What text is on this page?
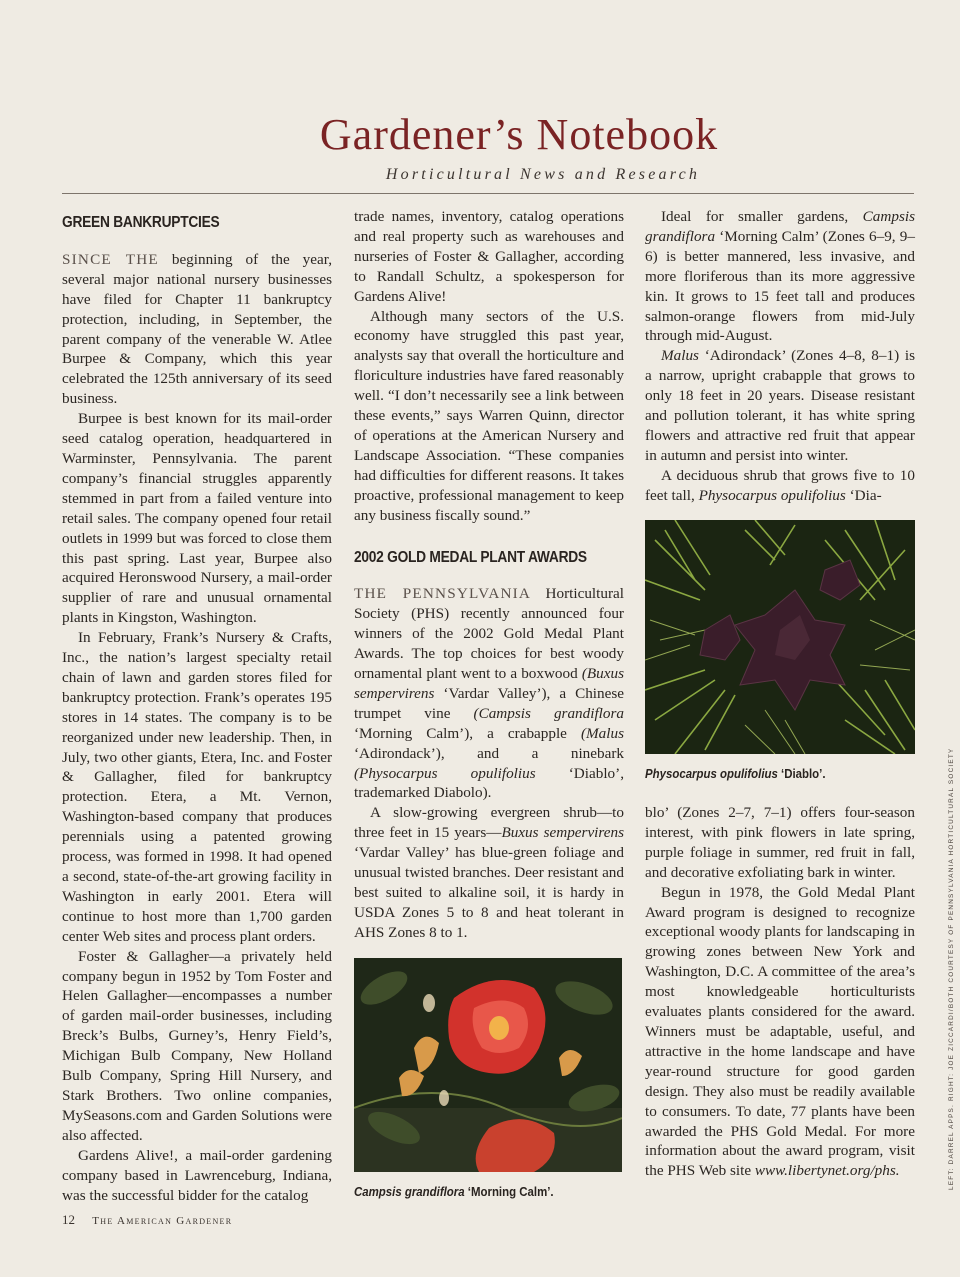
Gardener’s Notebook
Horticultural News and Research
GREEN BANKRUPTCIES

SINCE THE beginning of the year, several major national nursery businesses have filed for Chapter 11 bankruptcy protection, including, in September, the parent company of the venerable W. Atlee Burpee & Company, which this year celebrated the 125th anniversary of its seed business.

Burpee is best known for its mail-order seed catalog operation, headquartered in Warminster, Pennsylvania. The parent company’s financial struggles apparently stemmed in part from a failed venture into retail sales. The company opened four retail outlets in 1999 but was forced to close them this past spring. Last year, Burpee also acquired Heronswood Nursery, a mail-order supplier of rare and unusual ornamental plants in Kingston, Washington.

In February, Frank’s Nursery & Crafts, Inc., the nation’s largest specialty retail chain of lawn and garden stores filed for bankruptcy protection. Frank’s operates 195 stores in 14 states. The company is to be reorganized under new leadership. Then, in July, two other giants, Etera, Inc. and Foster & Gallagher, filed for bankruptcy protection. Etera, a Mt. Vernon, Washington-based company that produces perennials using a patented growing process, was formed in 1998. It had opened a second, state-of-the-art growing facility in Washington in early 2001. Etera will continue to host more than 1,700 garden center Web sites and process plant orders.

Foster & Gallagher—a privately held company begun in 1952 by Tom Foster and Helen Gallagher—encompasses a number of garden mail-order businesses, including Breck’s Bulbs, Gurney’s, Henry Field’s, Michigan Bulb Company, New Holland Bulb Company, Spring Hill Nursery, and Stark Brothers. Two online companies, MySeasons.com and Garden Solutions were also affected.

Gardens Alive!, a mail-order gardening company based in Lawrenceburg, Indiana, was the successful bidder for the catalog

trade names, inventory, catalog operations and real property such as warehouses and nurseries of Foster & Gallagher, according to Randall Schultz, a spokesperson for Gardens Alive!

Although many sectors of the U.S. economy have struggled this past year, analysts say that overall the horticulture and floriculture industries have fared reasonably well. “I don’t necessarily see a link between these events,” says Warren Quinn, director of operations at the American Nursery and Landscape Association. “These companies had difficulties for different reasons. It takes proactive, professional management to keep any business fiscally sound.”

2002 GOLD MEDAL PLANT AWARDS

THE PENNSYLVANIA Horticultural Society (PHS) recently announced four winners of the 2002 Gold Medal Plant Awards. The top choices for best woody ornamental plant went to a boxwood (Buxus sempervirens ‘Vardar Valley’), a Chinese trumpet vine (Campsis grandiflora ‘Morning Calm’), a crabapple (Malus ‘Adirondack’), and a ninebark (Physocarpus opulifolius ‘Diablo’, trademarked Diabolo).

A slow-growing evergreen shrub—to three feet in 15 years—Buxus sempervirens ‘Vardar Valley’ has blue-green foliage and unusual twisted branches. Deer resistant and best suited to alkaline soil, it is hardy in USDA Zones 5 to 8 and heat tolerant in AHS Zones 8 to 1.

Ideal for smaller gardens, Campsis grandiflora ‘Morning Calm’ (Zones 6–9, 9–6) is better mannered, less invasive, and more floriferous than its more aggressive kin. It grows to 15 feet tall and produces salmon-orange flowers from mid-July through mid-August.

Malus ‘Adirondack’ (Zones 4–8, 8–1) is a narrow, upright crabapple that grows to only 18 feet in 20 years. Disease resistant and pollution tolerant, it has white spring flowers and attractive red fruit that appear in autumn and persist into winter.

A deciduous shrub that grows five to 10 feet tall, Physocarpus opulifolius ‘Dia-

blo’ (Zones 2–7, 7–1) offers four-season interest, with pink flowers in late spring, purple foliage in summer, red fruit in fall, and decorative exfoliating bark in winter.

Begun in 1978, the Gold Medal Plant Award program is designed to recognize exceptional woody plants for landscaping in growing zones between New York and Washington, D.C. A committee of the area’s most knowledgeable horticulturists evaluates plants considered for the award. Winners must be adaptable, useful, and attractive in the home landscape and have year-round structure for good garden design. They also must be readily available to consumers. To date, 77 plants have been awarded the PHS Gold Medal. For more information about the award program, visit the PHS Web site www.libertynet.org/phs.

Physocarpus opulifolius ‘Diablo’.
Campsis grandiflora ‘Morning Calm’.
12 The American Gardener
LEFT: DARREL APPS. RIGHT: JOE ZICCARDI/BOTH COURTESY OF PENNSYLVANIA HORTICULTURAL SOCIETY
